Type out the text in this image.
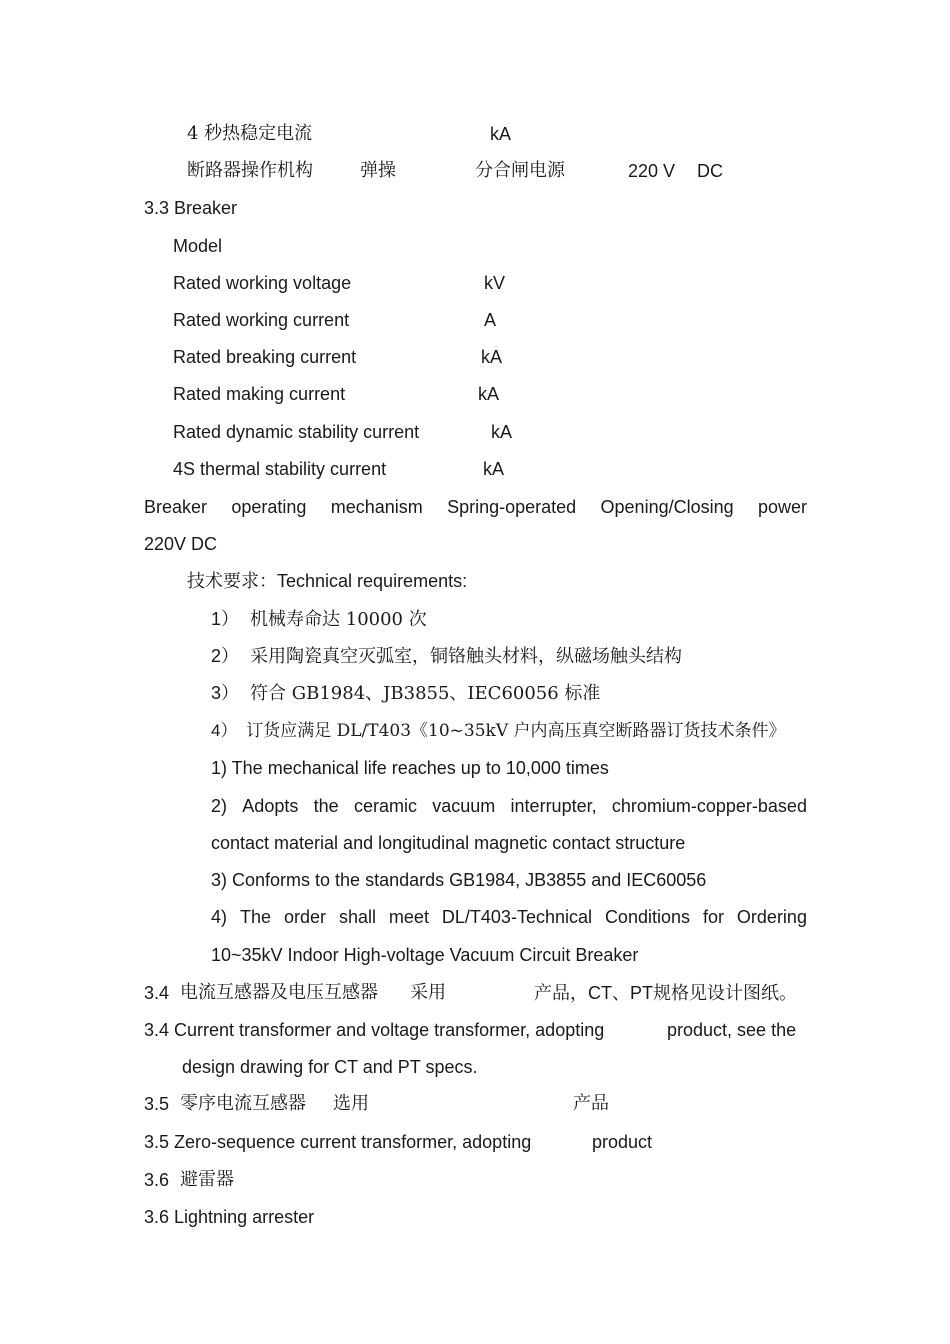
4 秒热稳定电流	kA
断路器操作机构	弹操	分合闸电源	220 V DC
3.3 Breaker
Model
Rated working voltage	kV
Rated working current	A
Rated breaking current	kA
Rated making current	kA
Rated dynamic stability current	kA
4S thermal stability current	kA
Breaker operating mechanism Spring-operated Opening/Closing power
220V DC
技术要求：Technical requirements:
1） 机械寿命达 10000 次
2） 采用陶瓷真空灭弧室，铜铬触头材料，纵磁场触头结构
3） 符合 GB1984、JB3855、IEC60056 标准
4） 订货应满足 DL/T403《10~35kV 户内高压真空断路器订货技术条件》
1) The mechanical life reaches up to 10,000 times
2) Adopts the ceramic vacuum interrupter, chromium-copper-based
contact material and longitudinal magnetic contact structure
3) Conforms to the standards GB1984, JB3855 and IEC60056
4) The order shall meet DL/T403-Technical Conditions for Ordering
10~35kV Indoor High-voltage Vacuum Circuit Breaker
3.4 电流互感器及电压互感器 采用	产品，CT、PT规格见设计图纸。
3.4 Current transformer and voltage transformer, adopting	product, see the
design drawing for CT and PT specs.
3.5 零序电流互感器 选用	产品
3.5 Zero-sequence current transformer, adopting	product
3.6 避雷器
3.6 Lightning arrester
